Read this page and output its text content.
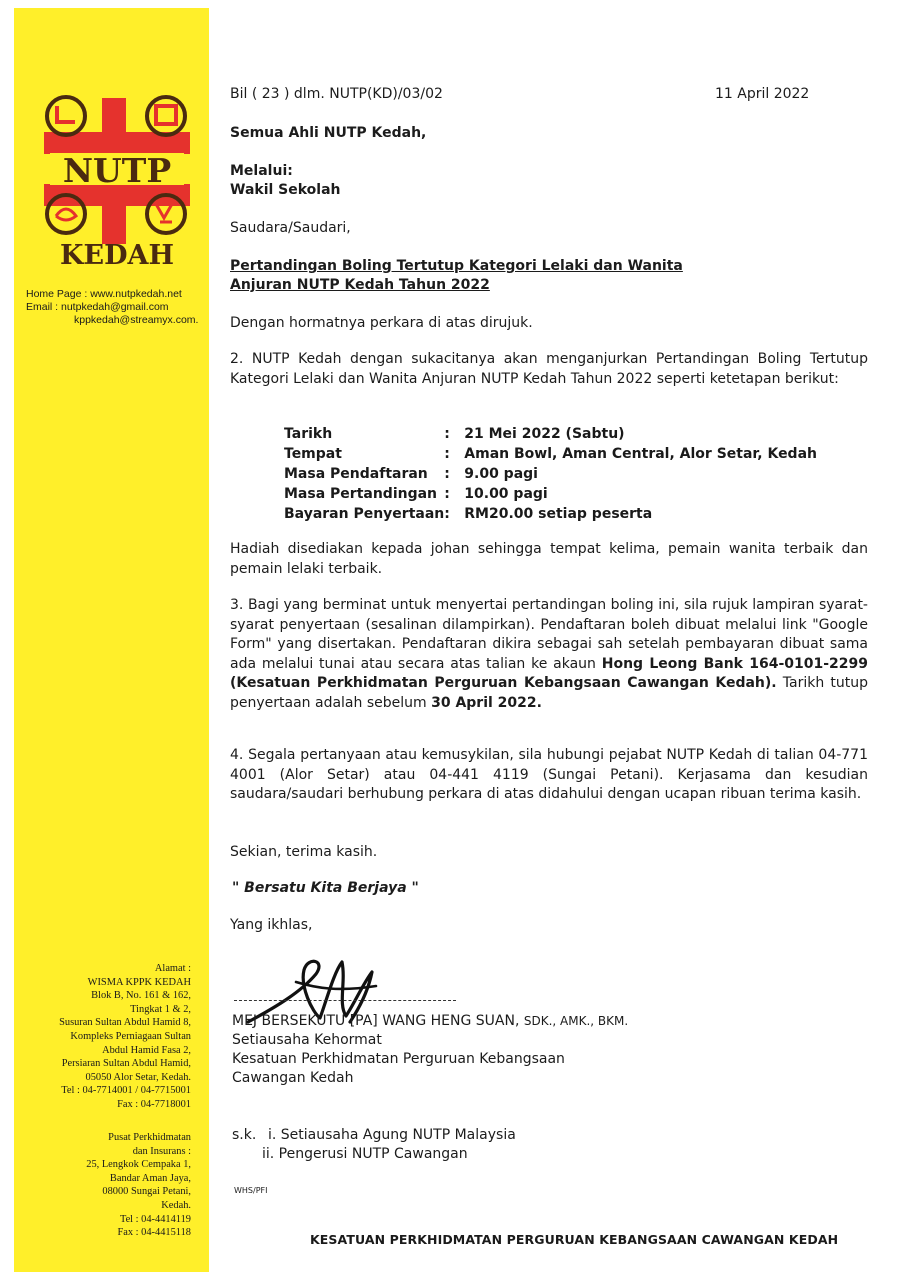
NUTP
KEDAH
Home Page : www.nutpkedah.net
Email : nutpkedah@gmail.com
kppkedah@streamyx.com.
Alamat :
WISMA KPPK KEDAH
Blok B, No. 161 & 162,
Tingkat 1 & 2,
Susuran Sultan Abdul Hamid 8,
Kompleks Perniagaan Sultan
Abdul Hamid Fasa 2,
Persiaran Sultan Abdul Hamid,
05050 Alor Setar, Kedah.
Tel : 04-7714001 / 04-7715001
Fax : 04-7718001
Pusat Perkhidmatan
dan Insurans :
25, Lengkok Cempaka 1,
Bandar Aman Jaya,
08000 Sungai Petani,
Kedah.
Tel : 04-4414119
Fax : 04-4415118
Bil ( 23 ) dlm. NUTP(KD)/03/02	11 April 2022
Semua Ahli NUTP Kedah,
Melalui:
Wakil Sekolah
Saudara/Saudari,
Pertandingan Boling Tertutup Kategori Lelaki dan Wanita
Anjuran NUTP Kedah Tahun 2022
Dengan hormatnya perkara di atas dirujuk.
2. NUTP Kedah dengan sukacitanya akan menganjurkan Pertandingan Boling Tertutup Kategori Lelaki dan Wanita Anjuran NUTP Kedah Tahun 2022 seperti ketetapan berikut:
Tarikh	:	21 Mei 2022 (Sabtu)
Tempat	:	Aman Bowl, Aman Central, Alor Setar, Kedah
Masa Pendaftaran	:	9.00 pagi
Masa Pertandingan	:	10.00 pagi
Bayaran Penyertaan	:	RM20.00 setiap peserta
Hadiah disediakan kepada johan sehingga tempat kelima, pemain wanita terbaik dan pemain lelaki terbaik.
3. Bagi yang berminat untuk menyertai pertandingan boling ini, sila rujuk lampiran syarat-syarat penyertaan (sesalinan dilampirkan). Pendaftaran boleh dibuat melalui link "Google Form" yang disertakan. Pendaftaran dikira sebagai sah setelah pembayaran dibuat sama ada melalui tunai atau secara atas talian ke akaun Hong Leong Bank 164-0101-2299 (Kesatuan Perkhidmatan Perguruan Kebangsaan Cawangan Kedah). Tarikh tutup penyertaan adalah sebelum 30 April 2022.
4. Segala pertanyaan atau kemusykilan, sila hubungi pejabat NUTP Kedah di talian 04-771 4001 (Alor Setar) atau 04-441 4119 (Sungai Petani). Kerjasama dan kesudian saudara/saudari berhubung perkara di atas didahului dengan ucapan ribuan terima kasih.
Sekian, terima kasih.
" Bersatu Kita Berjaya "
Yang ikhlas,
MEJ BERSEKUTU [PA] WANG HENG SUAN, SDK., AMK., BKM.
Setiausaha Kehormat
Kesatuan Perkhidmatan Perguruan Kebangsaan
Cawangan Kedah
s.k. i. Setiausaha Agung NUTP Malaysia
ii. Pengerusi NUTP Cawangan
WHS/PFI
KESATUAN PERKHIDMATAN PERGURUAN KEBANGSAAN CAWANGAN KEDAH
